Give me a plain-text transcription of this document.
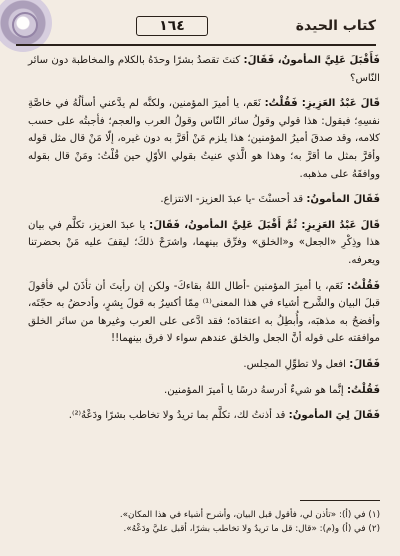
كتاب الحيدة
١٦٤

فَأَقْبَلَ عَلِيَّ المأمونُ، فَقَالَ: كنتَ تقصدُ بشرًا وحدَهُ بالكلام والمخاطبة دون سائر النّاس؟

قَالَ عَبْدُ العَزِيزِ: فَقُلْتُ: نَعَم، يا أميرَ المؤمنين، ولكنَّه لم يدَّعني أسألُهُ في خاصَّةِ نفسِهِ؛ فيقول: هذا قولي وقولُ سائر النّاس وقولُ العرب والعجم؛ فأجبتُه على حسب كلامه، وقد صدقَ أميرُ المؤمنين؛ هذا يلزم مَنْ أقرَّ به دون غيره، إلّا مَنْ قال مثل قوله وأقرَّ بمثل ما أقرَّ به؛ وهذا هو الَّذي عنيتُ بقولي الأوّلِ حين قُلْتُ: ومَنْ قال بقوله ووافقَهُ على مذهبه.

فَقَالَ المأمونُ: قد أحسنْتَ -يا عبدَ العزيز- الانتزاع.

قَالَ عَبْدُ العَزِيزِ: ثُمَّ أَقْبَلَ عَلِيَّ المأمونُ، فَقَالَ: يا عبدَ العزيز، تكلَّم في بيان هذا وذِكْرِ «الجعل» و«الخلق» وفرِّق بينهما، واشرَحْ ذلكَ؛ ليقفَ عليه مَنْ بحضرتنا ويعرفه.

فَقُلْتُ: نَعَم، يا أميرَ المؤمنين -أطال اللهُ بقاءكَ- ولكن إن رأيتَ أن تأذَنَ لي فأقولَ قبلَ البيان والشَّرح أشياء في هذا المعنى⁽¹⁾ مِمّا أكسِرُ به قولَ بِشرٍ، وأدحضُ به حجّتَه، وأفضحُ به مذهبَه، وأُبطِلُ به اعتقادَه؛ فقد ادَّعى على العرب وغيرها من سائر الخلق موافقته على قوله أنَّ الجعل والخلق عندهم سواء لا فرق بينهما!!

فَقَالَ: افعل ولا تطوِّلِ المجلس.

فَقُلْتُ: إنَّما هو شيءٌ أدرسهُ درسًا يا أميرَ المؤمنين.

فَقَالَ لِيَ المأمونُ: قد أذنتُ لك، تكلَّم بما تريدُ ولا تخاطب بشرًا ودَعْهُ⁽²⁾.

(١) في (أ): «تأذن لي، فأقول قبل البيان، وأشرح أشياء في هذا المكان».

(٢) في (أ) و(م): «قال: قل ما تريدُ ولا تخاطب بشرًا، أقبل عليَّ ودَعْهُ».
